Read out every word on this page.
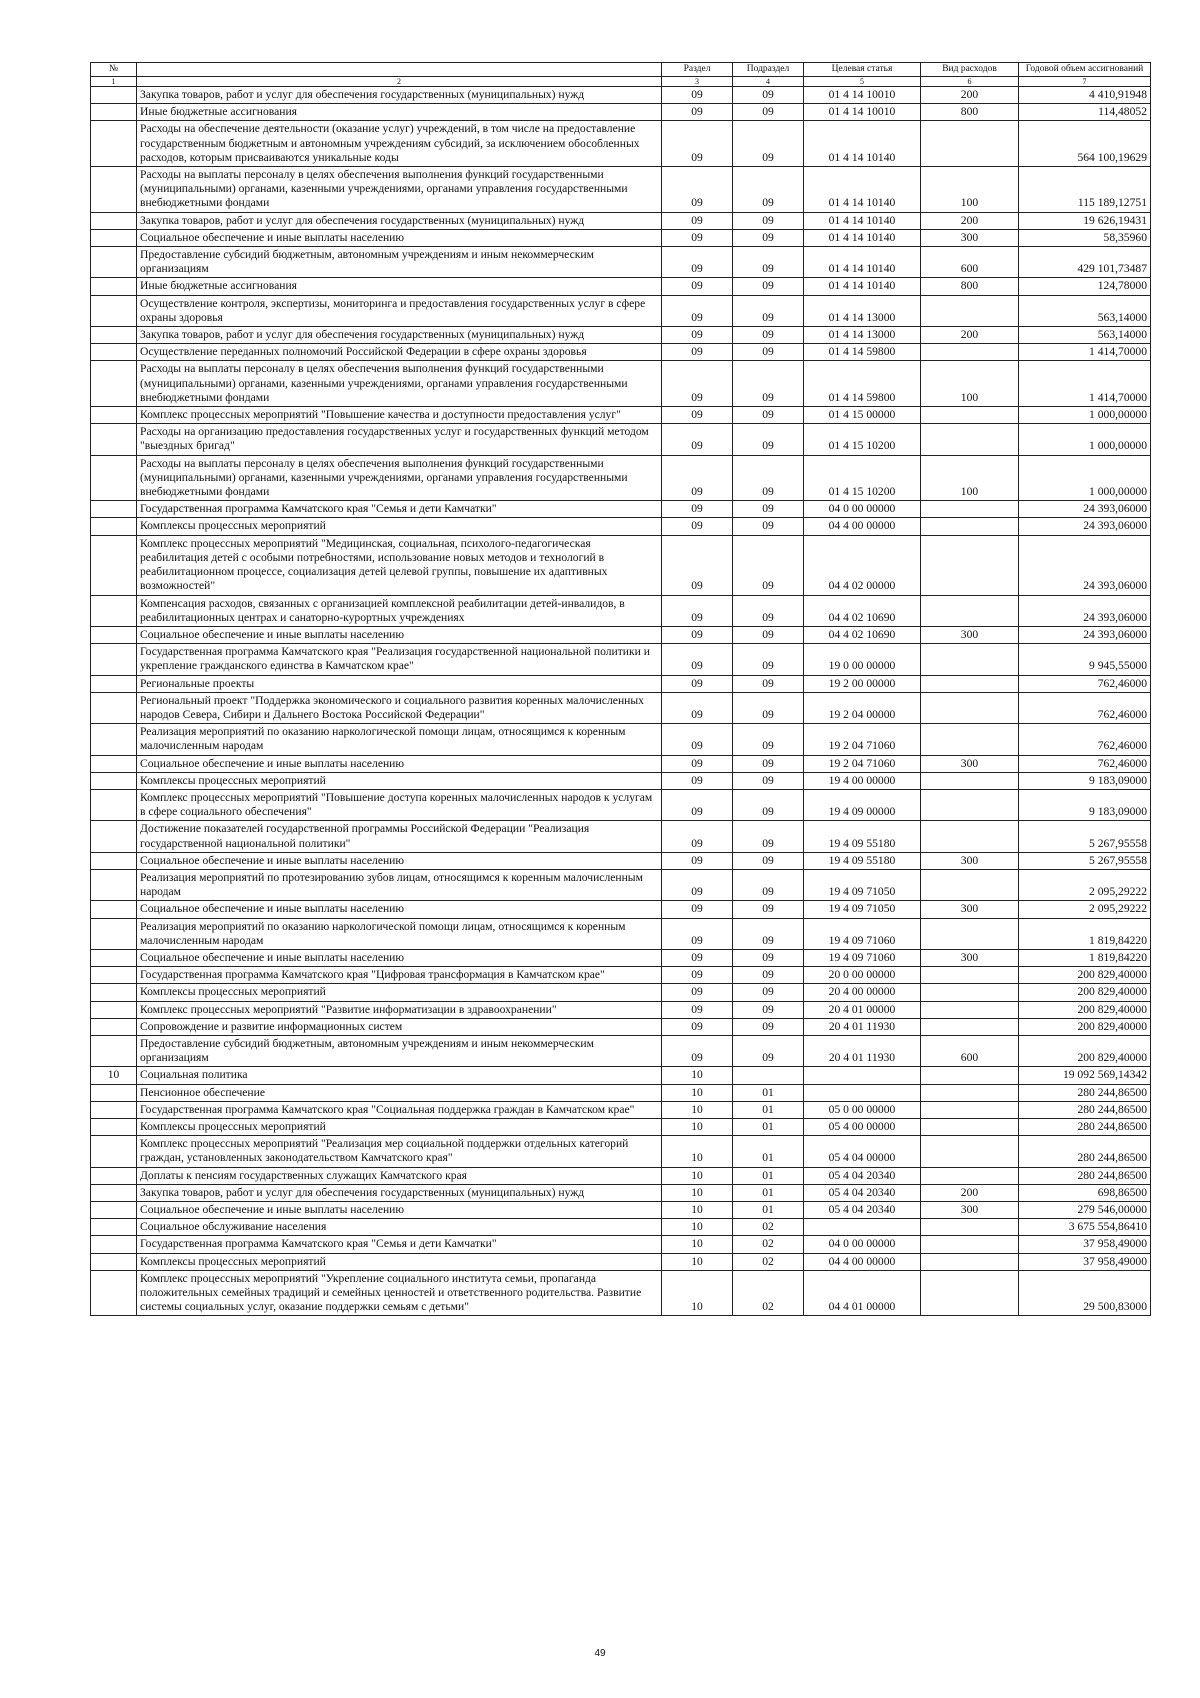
№		Раздел	Подраздел	Целевая статья	Вид расходов	Годовой объем ассигнований
1	2	3	4	5	6	7
	Закупка товаров, работ и услуг для обеспечения государственных (муниципальных) нужд	09	09	01 4 14 10010	200	4 410,91948
	Иные бюджетные ассигнования	09	09	01 4 14 10010	800	114,48052
	Расходы на обеспечение деятельности (оказание услуг) учреждений, в том числе на предоставление государственным бюджетным и автономным учреждениям субсидий, за исключением обособленных расходов, которым присваиваются уникальные коды	09	09	01 4 14 10140		564 100,19629
	Расходы на выплаты персоналу в целях обеспечения выполнения функций государственными (муниципальными) органами, казенными учреждениями, органами управления государственными внебюджетными фондами	09	09	01 4 14 10140	100	115 189,12751
	Закупка товаров, работ и услуг для обеспечения государственных (муниципальных) нужд	09	09	01 4 14 10140	200	19 626,19431
	Социальное обеспечение и иные выплаты населению	09	09	01 4 14 10140	300	58,35960
	Предоставление субсидий бюджетным, автономным учреждениям и иным некоммерческим организациям	09	09	01 4 14 10140	600	429 101,73487
	Иные бюджетные ассигнования	09	09	01 4 14 10140	800	124,78000
	Осуществление контроля, экспертизы, мониторинга и предоставления государственных услуг в сфере охраны здоровья	09	09	01 4 14 13000		563,14000
	Закупка товаров, работ и услуг для обеспечения государственных (муниципальных) нужд	09	09	01 4 14 13000	200	563,14000
	Осуществление переданных полномочий Российской Федерации в сфере охраны здоровья	09	09	01 4 14 59800		1 414,70000
	Расходы на выплаты персоналу в целях обеспечения выполнения функций государственными (муниципальными) органами, казенными учреждениями, органами управления государственными внебюджетными фондами	09	09	01 4 14 59800	100	1 414,70000
	Комплекс процессных мероприятий "Повышение качества и доступности предоставления услуг"	09	09	01 4 15 00000		1 000,00000
	Расходы на организацию предоставления государственных услуг и государственных функций методом "выездных бригад"	09	09	01 4 15 10200		1 000,00000
	Расходы на выплаты персоналу в целях обеспечения выполнения функций государственными (муниципальными) органами, казенными учреждениями, органами управления государственными внебюджетными фондами	09	09	01 4 15 10200	100	1 000,00000
	Государственная программа Камчатского края "Семья и дети Камчатки"	09	09	04 0 00 00000		24 393,06000
	Комплексы процессных мероприятий	09	09	04 4 00 00000		24 393,06000
	Комплекс процессных мероприятий "Медицинская, социальная, психолого-педагогическая реабилитация детей с особыми потребностями, использование новых методов и технологий в реабилитационном процессе, социализация детей целевой группы, повышение их адаптивных возможностей"	09	09	04 4 02 00000		24 393,06000
	Компенсация расходов, связанных с организацией комплексной реабилитации детей-инвалидов, в реабилитационных центрах и санаторно-курортных учреждениях	09	09	04 4 02 10690		24 393,06000
	Социальное обеспечение и иные выплаты населению	09	09	04 4 02 10690	300	24 393,06000
	Государственная программа Камчатского края "Реализация государственной национальной политики и укрепление гражданского единства в Камчатском крае"	09	09	19 0 00 00000		9 945,55000
	Региональные проекты	09	09	19 2 00 00000		762,46000
	Региональный проект "Поддержка экономического и социального развития коренных малочисленных народов Севера, Сибири и Дальнего Востока Российской Федерации"	09	09	19 2 04 00000		762,46000
	Реализация мероприятий по оказанию наркологической помощи лицам, относящимся к коренным малочисленным народам	09	09	19 2 04 71060		762,46000
	Социальное обеспечение и иные выплаты населению	09	09	19 2 04 71060	300	762,46000
	Комплексы процессных мероприятий	09	09	19 4 00 00000		9 183,09000
	Комплекс процессных мероприятий "Повышение доступа коренных малочисленных народов к услугам в сфере социального обеспечения"	09	09	19 4 09 00000		9 183,09000
	Достижение показателей государственной программы Российской Федерации "Реализация государственной национальной политики"	09	09	19 4 09 55180		5 267,95558
	Социальное обеспечение и иные выплаты населению	09	09	19 4 09 55180	300	5 267,95558
	Реализация мероприятий по протезированию зубов лицам, относящимся к коренным малочисленным народам	09	09	19 4 09 71050		2 095,29222
	Социальное обеспечение и иные выплаты населению	09	09	19 4 09 71050	300	2 095,29222
	Реализация мероприятий по оказанию наркологической помощи лицам, относящимся к коренным малочисленным народам	09	09	19 4 09 71060		1 819,84220
	Социальное обеспечение и иные выплаты населению	09	09	19 4 09 71060	300	1 819,84220
	Государственная программа Камчатского края "Цифровая трансформация в Камчатском крае"	09	09	20 0 00 00000		200 829,40000
	Комплексы процессных мероприятий	09	09	20 4 00 00000		200 829,40000
	Комплекс процессных мероприятий "Развитие информатизации в здравоохранении"	09	09	20 4 01 00000		200 829,40000
	Сопровождение и развитие информационных систем	09	09	20 4 01 11930		200 829,40000
	Предоставление субсидий бюджетным, автономным учреждениям и иным некоммерческим организациям	09	09	20 4 01 11930	600	200 829,40000
10	Социальная политика	10				19 092 569,14342
	Пенсионное обеспечение	10	01			280 244,86500
	Государственная программа Камчатского края "Социальная поддержка граждан в Камчатском крае"	10	01	05 0 00 00000		280 244,86500
	Комплексы процессных мероприятий	10	01	05 4 00 00000		280 244,86500
	Комплекс процессных мероприятий "Реализация мер социальной поддержки отдельных категорий граждан, установленных законодательством Камчатского края"	10	01	05 4 04 00000		280 244,86500
	Доплаты к пенсиям государственных служащих Камчатского края	10	01	05 4 04 20340		280 244,86500
	Закупка товаров, работ и услуг для обеспечения государственных (муниципальных) нужд	10	01	05 4 04 20340	200	698,86500
	Социальное обеспечение и иные выплаты населению	10	01	05 4 04 20340	300	279 546,00000
	Социальное обслуживание населения	10	02			3 675 554,86410
	Государственная программа Камчатского края "Семья и дети Камчатки"	10	02	04 0 00 00000		37 958,49000
	Комплексы процессных мероприятий	10	02	04 4 00 00000		37 958,49000
	Комплекс процессных мероприятий "Укрепление социального института семьи, пропаганда положительных семейных традиций и семейных ценностей и ответственного родительства. Развитие системы социальных услуг, оказание поддержки семьям с детьми"	10	02	04 4 01 00000		29 500,83000
49
